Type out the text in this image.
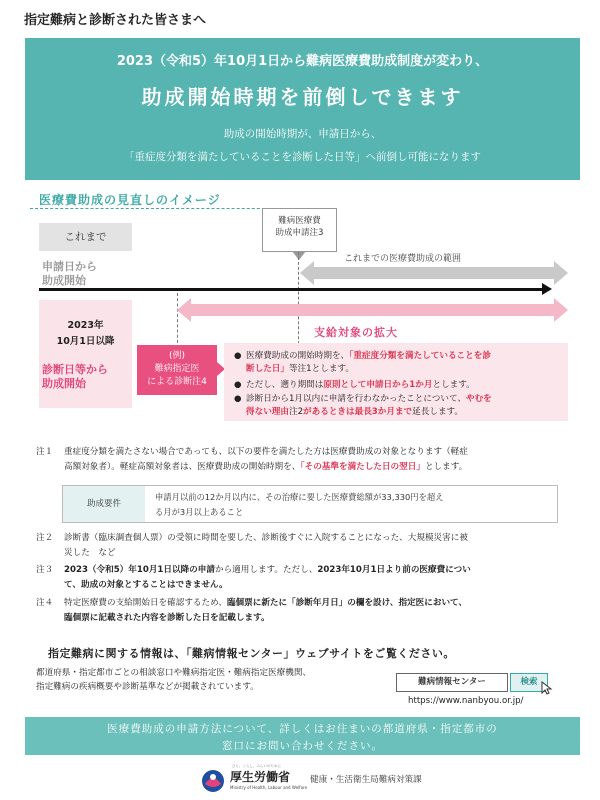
指定難病と診断された皆さまへ
2023（令和5）年10月1日から難病医療費助成制度が変わり、
助成開始時期を前倒しできます
助成の開始時期が、申請日から、
「重症度分類を満たしていることを診断した日等」へ前倒し可能になります
医療費助成の見直しのイメージ
これまで
申請日から
助成開始
難病医療費
助成申請注3
これまでの医療費助成の範囲
2023年
10月1日以降
診断日等から
助成開始
支給対象の拡大
(例)
難病指定医
による診断注4
● 医療費助成の開始時期を、「重症度分類を満たしていることを診
断した日」等注1とします。
● ただし、遡り期間は原則として申請日から1か月とします。
● 診断日から1月以内に申請を行わなかったことについて、やむを
得ない理由注2があるときは最長3か月まで延長します。
注１ 重症度分類を満たさない場合であっても、以下の要件を満たした方は医療費助成の対象となります（軽症
高額対象者）。軽症高額対象者は、医療費助成の開始時期を、「その基準を満たした日の翌日」とします。
助成要件
申請月以前の12か月以内に、その治療に要した医療費総額が33,330円を超え
る月が3月以上あること
注２ 診断書（臨床調査個人票）の受領に時間を要した、診断後すぐに入院することになった、大規模災害に被
災した　など
注３ 2023（令和5）年10月1日以降の申請から適用します。ただし、2023年10月1日より前の医療費につい
て、助成の対象とすることはできません。
注４ 特定医療費の支給開始日を確認するため、臨個票に新たに「診断年月日」の欄を設け、指定医において、
臨個票に記載された内容を診断した日を記載します。
指定難病に関する情報は、「難病情報センター」ウェブサイトをご覧ください。
都道府県・指定都市ごとの相談窓口や難病指定医・難病指定医療機関、
指定難病の疾病概要や診断基準などが掲載されています。	難病情報センター	検索
https://www.nanbyou.or.jp/
医療費助成の申請方法について、詳しくはお住まいの都道府県・指定都市の
窓口にお問い合わせください。
ひと、くらし、みらいのために
厚生労働省
Ministry of Health, Labour and Welfare
健康・生活衛生局難病対策課
